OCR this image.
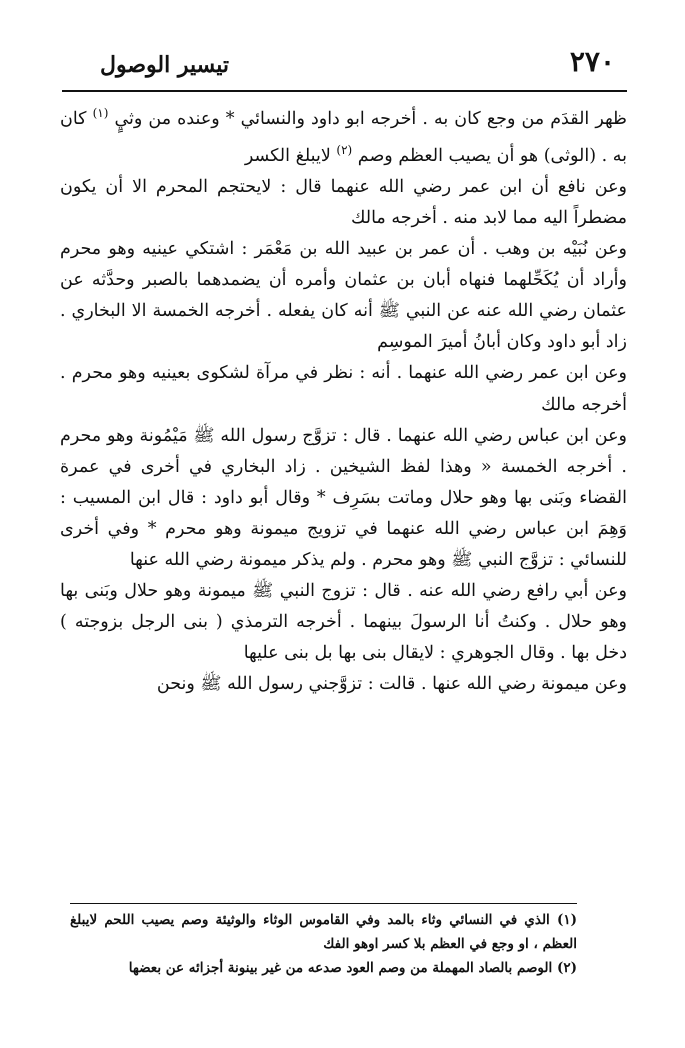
٢٧٠
تيسير الوصول

ظهر القدَم من وجع كان به . أخرجه ابو داود والنسائي * وعنده من وثيٍ $^{(١)}$ كان به . (الوثى) هو أن يصيب العظم وصم $^{(٢)}$ لايبلغ الكسر

وعن نافع أن ابن عمر رضي الله عنهما قال : لايحتجم المحرم الا أن يكون مضطراً اليه مما لابد منه . أخرجه مالك

وعن نُبَيْه بن وهب . أن عمر بن عبيد الله بن مَعْمَر : اشتكي عينيه وهو محرم وأراد أن يُكَحِّلهما فنهاه أبان بن عثمان وأمره أن يضمدهما بالصبر وحدَّثه عن عثمان رضي الله عنه عن النبي ﷺ أنه كان يفعله . أخرجه الخمسة الا البخاري . زاد أبو داود وكان أبانُ أميرَ الموسِم

وعن ابن عمر رضي الله عنهما . أنه : نظر في مرآة لشكوى بعينيه وهو محرم . أخرجه مالك

وعن ابن عباس رضي الله عنهما . قال : تزوَّج رسول الله ﷺ مَيْمُونة وهو محرم . أخرجه الخمسة « وهذا لفظ الشيخين . زاد البخاري في أخرى في عمرة القضاء وبَنى بها وهو حلال وماتت بسَرِف * وقال أبو داود : قال ابن المسيب : وَهِمَ ابن عباس رضي الله عنهما في تزويج ميمونة وهو محرم * وفي أخرى للنسائي : تزوَّج النبي ﷺ وهو محرم . ولم يذكر ميمونة رضي الله عنها

وعن أبي رافع رضي الله عنه . قال : تزوج النبي ﷺ ميمونة وهو حلال وبَنى بها وهو حلال . وكنتُ أنا الرسولَ بينهما . أخرجه الترمذي ( بنى الرجل بزوجته ) دخل بها . وقال الجوهري : لايقال بنى بها بل بنى عليها

وعن ميمونة رضي الله عنها . قالت : تزوَّجني رسول الله ﷺ ونحن

(١) الذي في النسائي وثاء بالمد وفي القاموس الوثاء والوثيئة وصم يصيب اللحم لايبلغ العظم ، او وجع في العظم بلا كسر اوهو الفك

(٢) الوصم بالصاد المهملة من وصم العود صدعه من غير بينونة أجزائه عن بعضها
